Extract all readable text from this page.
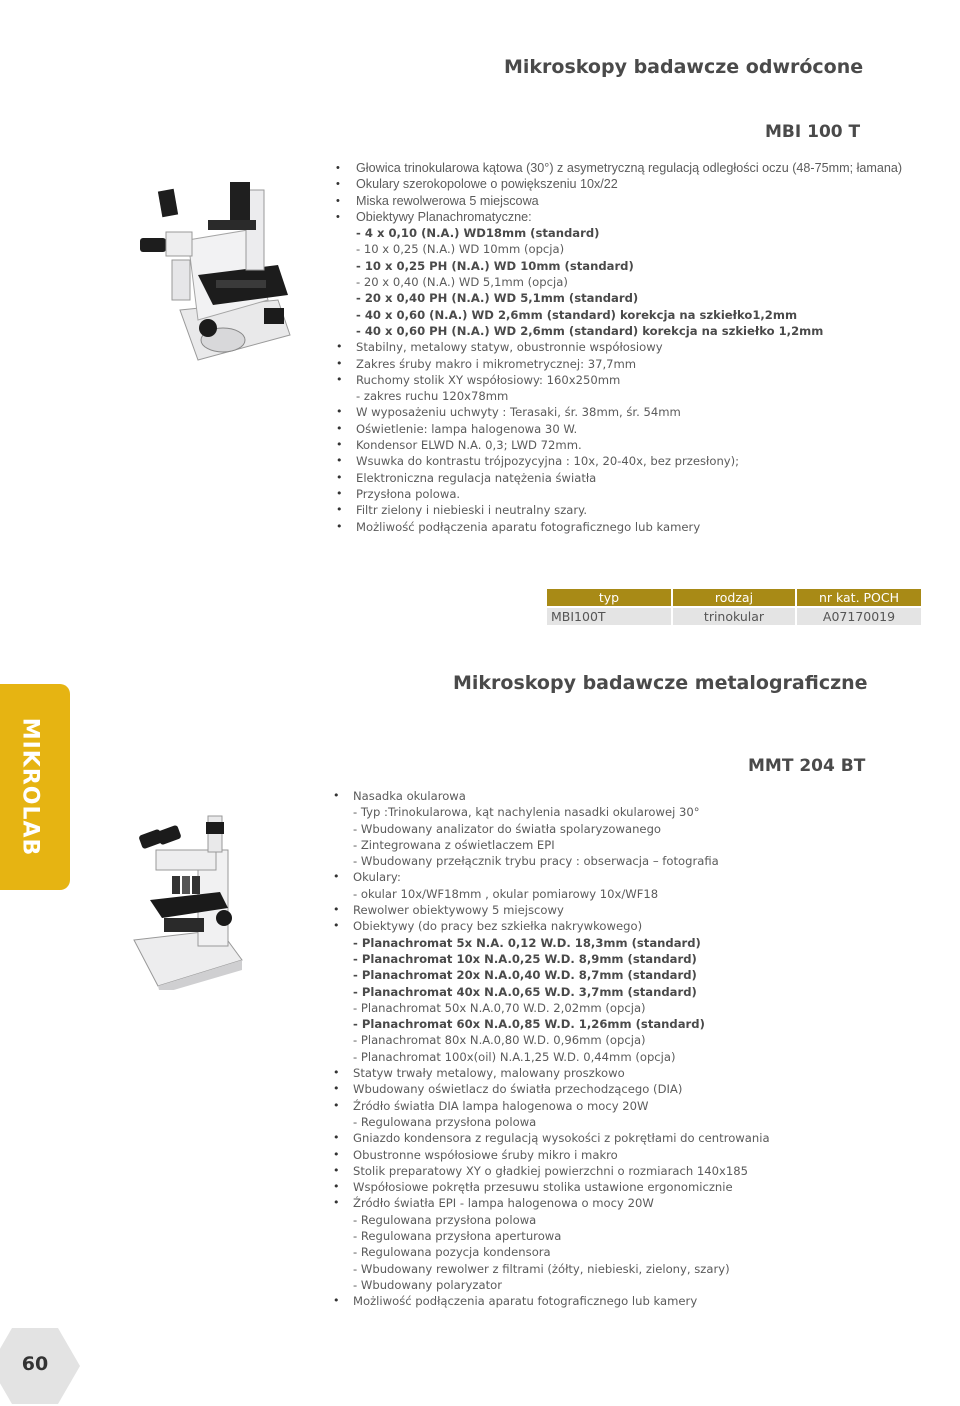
Mikroskopy badawcze odwrócone
MBI 100 T
• Głowica trinokularowa kątowa (30°) z asymetryczną regulacją odległości oczu (48-75mm; łamana)
• Okulary szerokopolowe o powiększeniu 10x/22
• Miska rewolwerowa 5 miejscowa
• Obiektywy Planachromatyczne:
- 4 x 0,10 (N.A.) WD18mm (standard)
- 10 x 0,25 (N.A.) WD 10mm (opcja)
- 10 x 0,25 PH (N.A.) WD 10mm (standard)
- 20 x 0,40 (N.A.) WD 5,1mm (opcja)
- 20 x 0,40 PH (N.A.) WD 5,1mm (standard)
- 40 x 0,60 (N.A.) WD 2,6mm (standard) korekcja na szkiełko1,2mm
- 40 x 0,60 PH (N.A.) WD 2,6mm (standard) korekcja na szkiełko 1,2mm
• Stabilny, metalowy statyw, obustronnie współosiowy
• Zakres śruby makro i mikrometrycznej: 37,7mm
• Ruchomy stolik XY współosiowy: 160x250mm
- zakres ruchu 120x78mm
• W wyposażeniu uchwyty : Terasaki, śr. 38mm, śr. 54mm
• Oświetlenie: lampa halogenowa 30 W.
• Kondensor ELWD N.A. 0,3; LWD 72mm.
• Wsuwka do kontrastu trójpozycyjna : 10x, 20-40x, bez przesłony);
• Elektroniczna regulacja natężenia światła
• Przysłona polowa.
• Filtr zielony i niebieski i neutralny szary.
• Możliwość podłączenia aparatu fotograficznego lub kamery
typ	rodzaj	nr kat. POCH
MBI100T	trinokular	A07170019
Mikroskopy badawcze metalograficzne
MMT 204 BT
MIKROLAB	• Nasadka okularowa
- Typ :Trinokularowa, kąt nachylenia nasadki okularowej 30°
- Wbudowany analizator do światła spolaryzowanego
- Zintegrowana z oświetlaczem EPI
- Wbudowany przełącznik trybu pracy : obserwacja – fotografia
• Okulary:
- okular 10x/WF18mm , okular pomiarowy 10x/WF18
• Rewolwer obiektywowy 5 miejscowy
• Obiektywy (do pracy bez szkiełka nakrywkowego)
- Planachromat 5x N.A. 0,12 W.D. 18,3mm (standard)
- Planachromat 10x N.A.0,25 W.D. 8,9mm (standard)
- Planachromat 20x N.A.0,40 W.D. 8,7mm (standard)
- Planachromat 40x N.A.0,65 W.D. 3,7mm (standard)
- Planachromat 50x N.A.0,70 W.D. 2,02mm (opcja)
- Planachromat 60x N.A.0,85 W.D. 1,26mm (standard)
- Planachromat 80x N.A.0,80 W.D. 0,96mm (opcja)
- Planachromat 100x(oil) N.A.1,25 W.D. 0,44mm (opcja)
• Statyw trwały metalowy, malowany proszkowo
• Wbudowany oświetlacz do światła przechodzącego (DIA)
• Źródło światła DIA lampa halogenowa o mocy 20W
- Regulowana przysłona polowa
• Gniazdo kondensora z regulacją wysokości z pokrętłami do centrowania
• Obustronne współosiowe śruby mikro i makro
• Stolik preparatowy XY o gładkiej powierzchni o rozmiarach 140x185
• Współosiowe pokrętła przesuwu stolika ustawione ergonomicznie
• Źródło światła EPI - lampa halogenowa o mocy 20W
- Regulowana przysłona polowa
- Regulowana przysłona aperturowa
- Regulowana pozycja kondensora
- Wbudowany rewolwer z filtrami (żółty, niebieski, zielony, szary)
- Wbudowany polaryzator
• Możliwość podłączenia aparatu fotograficznego lub kamery
60
